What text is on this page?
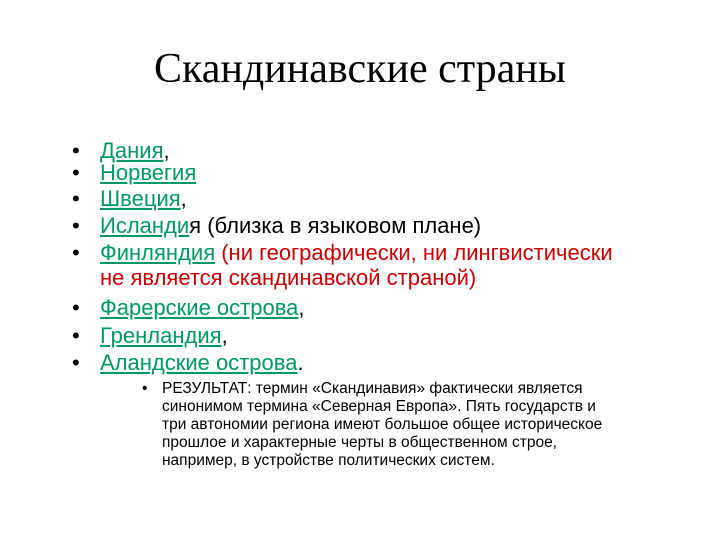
Скандинавские страны
• Дания,
• Норвегия
• Швеция,
• Исландия (близка в языковом плане)
• Финляндия (ни географически, ни лингвистически
не является скандинавской страной)
• Фарерские острова,
• Гренландия,
• Аландские острова.
• РЕЗУЛЬТАТ: термин «Скандинавия» фактически является
синонимом термина «Северная Европа». Пять государств и
три автономии региона имеют большое общее историческое
прошлое и характерные черты в общественном строе,
например, в устройстве политических систем.
